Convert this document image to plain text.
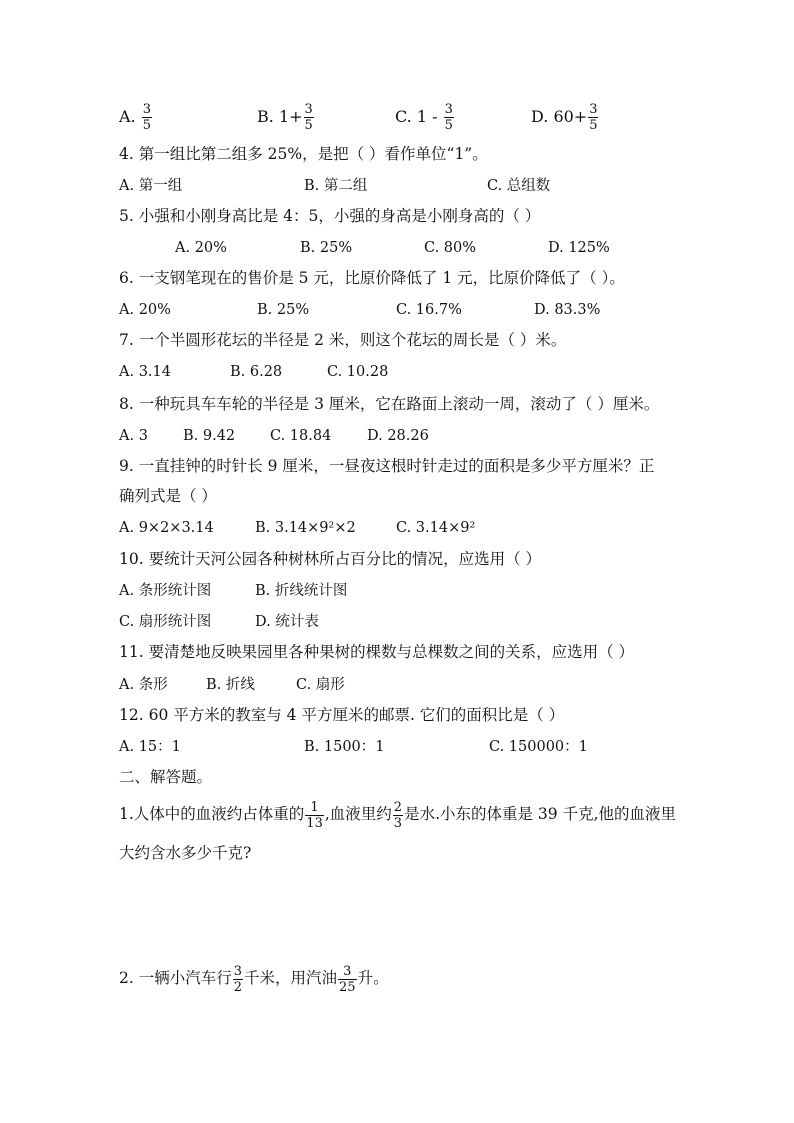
A. $\frac{3}{5}$	B. $1+ \frac{3}{5}$	C. $1 - \frac{3}{5}$	D. $60+ \frac{3}{5}$
4. 第一组比第二组多 25%，是把（ ）看作单位“1”。
A. 第一组	B. 第二组	C. 总组数
5. 小强和小刚身高比是 4：5，小强的身高是小刚身高的（ ）
A. 20%	B. 25%	C. 80%	D. 125%
6. 一支钢笔现在的售价是 5 元，比原价降低了 1 元，比原价降低了（ ）。
A. 20%	B. 25%	C. 16.7%	D. 83.3%
7. 一个半圆形花坛的半径是 2 米，则这个花坛的周长是（ ）米。
A. 3.14	B. 6.28	C. 10.28
8. 一种玩具车车轮的半径是 3 厘米，它在路面上滚动一周，滚动了（ ）厘米。
A. 3 B. 9.42 C. 18.84 D. 28.26
9. 一直挂钟的时针长 9 厘米，一昼夜这根时针走过的面积是多少平方厘米？正
确列式是（ ）
A. 9×2×3.14	B. 3.14×9²×2	C. 3.14×9²
10. 要统计天河公园各种树林所占百分比的情况，应选用（ ）
A. 条形统计图	B. 折线统计图
C. 扇形统计图	D. 统计表
11. 要清楚地反映果园里各种果树的棵数与总棵数之间的关系，应选用（ ）
A. 条形	B. 折线	C. 扇形
12. 60 平方米的教室与 4 平方厘米的邮票. 它们的面积比是（ ）
A. 15：1	B. 1500：1	C. 150000：1
二、解答题。
1.人体中的血液约占体重的 $\frac{1}{13}$ ,血液里约 $\frac{2}{3}$ 是水.小东的体重是 39 千克,他的血液里
大约含水多少千克?
2. 一辆小汽车行 $\frac{3}{2}$ 千米，用汽油 $\frac{3}{25}$ 升。
